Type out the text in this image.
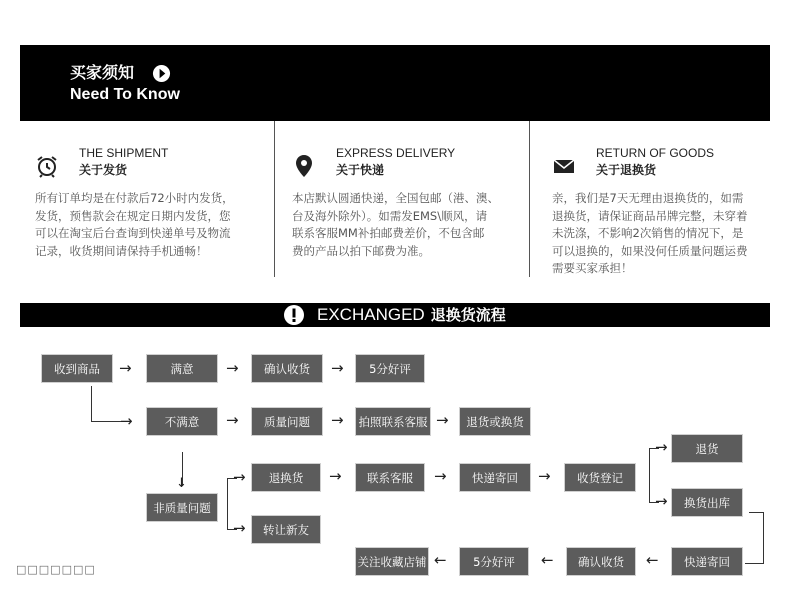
买家须知
Need To Know
THE SHIPMENT
关于发货
所有订单均是在付款后72小时内发货，
发货，预售款会在规定日期内发货，您
可以在淘宝后台查询到快递单号及物流
记录，收货期间请保持手机通畅！
EXPRESS DELIVERY
关于快递
本店默认圆通快递，全国包邮（港、澳、
台及海外除外）。如需发EMS\顺风，请
联系客服MM补拍邮费差价，不包含邮
费的产品以拍下邮费为准。
RETURN OF GOODS
关于退换货
亲，我们是7天无理由退换货的，如需
退换货，请保证商品吊牌完整，未穿着
未洗涤，不影响2次销售的情况下，是
可以退换的，如果没何任质量问题运费
需要买家承担！
EXCHANGED 退换货流程
收到商品	→	满意	→	确认收货	→	5分好评
→	不满意	→	质量问题	→	拍照联系客服 →	退货或换货
↓
非质量问题
→	退换货	→	联系客服	→	快递寄回	→	收货登记
→	退货
→	换货出库
→	转让新友
快递寄回
←
确认收货
←
5分好评
←
关注收藏店铺
□□□□□□□
